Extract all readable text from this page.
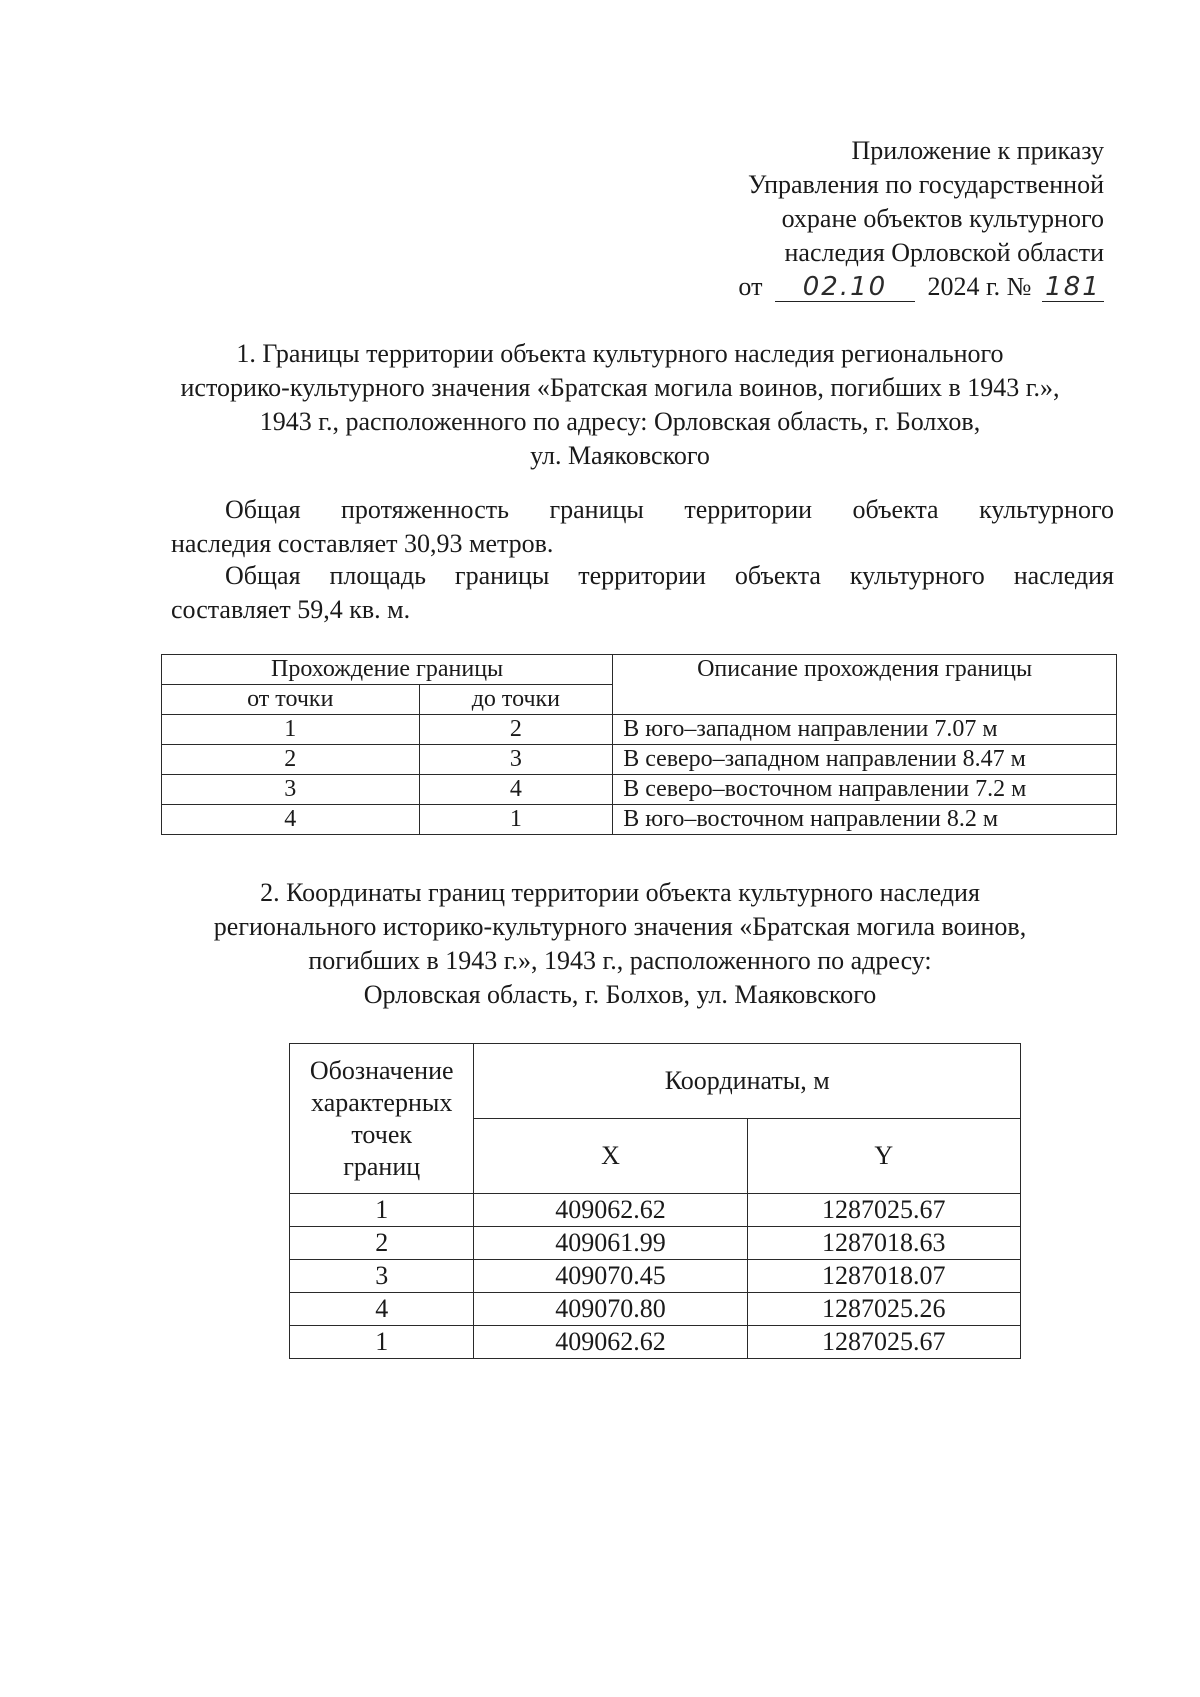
Приложение к приказу
Управления по государственной
охране объектов культурного
наследия Орловской области
от 02.10 2024 г. № 181
1. Границы территории объекта культурного наследия регионального
историко-культурного значения «Братская могила воинов, погибших в 1943 г.»,
1943 г., расположенного по адресу: Орловская область, г. Болхов,
ул. Маяковского
Общая протяженность границы территории объекта культурного
наследия составляет 30,93 метров.
Общая площадь границы территории объекта культурного наследия
составляет 59,4 кв. м.
Прохождение границы		Описание прохождения границы
от точки	до точки	
1	2	В юго–западном направлении 7.07 м
2	3	В северо–западном направлении 8.47 м
3	4	В северо–восточном направлении 7.2 м
4	1	В юго–восточном направлении 8.2 м
2. Координаты границ территории объекта культурного наследия
регионального историко-культурного значения «Братская могила воинов,
погибших в 1943 г.», 1943 г., расположенного по адресу:
Орловская область, г. Болхов, ул. Маяковского
Обозначение
характерных
точек
границ	Координаты, м	
	X	Y
1	409062.62	1287025.67
2	409061.99	1287018.63
3	409070.45	1287018.07
4	409070.80	1287025.26
1	409062.62	1287025.67
